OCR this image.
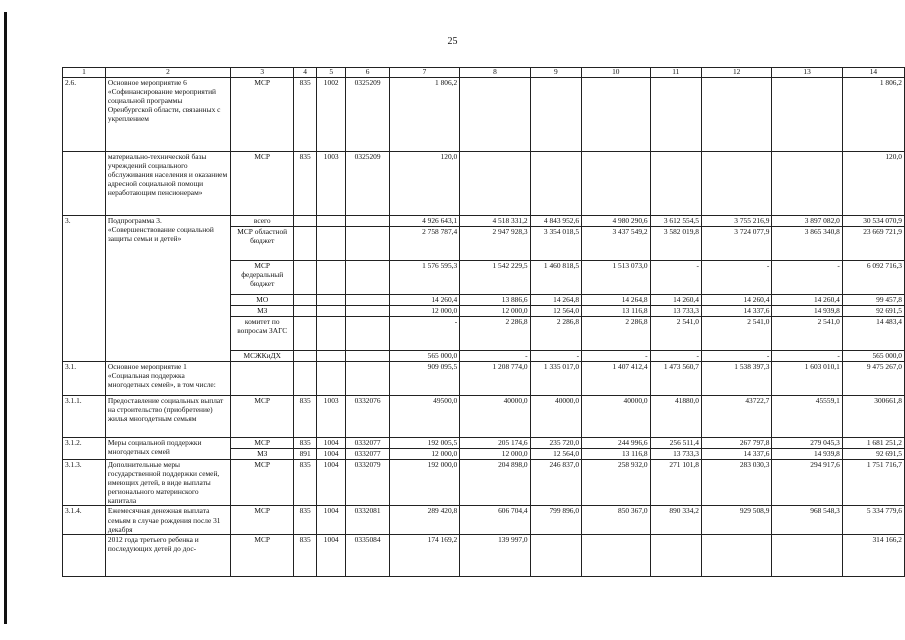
25
1	2	3	4	5	6	7	8	9	10	11	12	13	14
2.6.	Основное мероприятие 6 «Софинансирование мероприятий социальной программы Оренбургской области, связанных с укреплением	МСР	835	1002	0325209	1 806,2							1 806,2
	материально-технической базы учреждений социального обслуживания населения и оказанием адресной социальной помощи неработающим пенсионерам»	МСР	835	1003	0325209	120,0							120,0
3.	Подпрограмма 3. «Совершенствование социальной защиты семьи и детей»	всего				4 926 643,1	4 518 331,2	4 843 952,6	4 980 290,6	3 612 554,5	3 755 216,9	3 897 082,0	30 534 070,9
		МСР областной бюджет				2 758 787,4	2 947 928,3	3 354 018,5	3 437 549,2	3 582 019,8	3 724 077,9	3 865 340,8	23 669 721,9
		МСР федеральный бюджет				1 576 595,3	1 542 229,5	1 460 818,5	1 513 073,0	-	-	-	6 092 716,3
		МО				14 260,4	13 886,6	14 264,8	14 264,8	14 260,4	14 260,4	14 260,4	99 457,8
		МЗ				12 000,0	12 000,0	12 564,0	13 116,8	13 733,3	14 337,6	14 939,8	92 691,5
		комитет по вопросам ЗАГС				-	2 286,8	2 286,8	2 286,8	2 541,0	2 541,0	2 541,0	14 483,4
		МСЖКиДХ				565 000,0	-	-	-	-	-	-	565 000,0
3.1.	Основное мероприятие 1 «Социальная поддержка многодетных семей», в том числе:					909 095,5	1 208 774,0	1 335 017,0	1 407 412,4	1 473 560,7	1 538 397,3	1 603 010,1	9 475 267,0
3.1.1.	Предоставление социальных выплат на строительство (приобретение) жилья многодетным семьям	МСР	835	1003	0332076	49500,0	40000,0	40000,0	40000,0	41880,0	43722,7	45559,1	300661,8
3.1.2.	Меры социальной поддержки многодетных семей	МСР	835	1004	0332077	192 005,5	205 174,6	235 720,0	244 996,6	256 511,4	267 797,8	279 045,3	1 681 251,2
		МЗ	891	1004	0332077	12 000,0	12 000,0	12 564,0	13 116,8	13 733,3	14 337,6	14 939,8	92 691,5
3.1.3.	Дополнительные меры государственной поддержки семей, имеющих детей, в виде выплаты регионального материнского капитала	МСР	835	1004	0332079	192 000,0	204 898,0	246 837,0	258 932,0	271 101,8	283 030,3	294 917,6	1 751 716,7
3.1.4.	Ежемесячная денежная выплата семьям в случае рождения после 31 декабря	МСР	835	1004	0332081	289 420,8	606 704,4	799 896,0	850 367,0	890 334,2	929 508,9	968 548,3	5 334 779,6
	2012 года третьего ребенка и последующих детей до дос-	МСР	835	1004	0335084	174 169,2	139 997,0						314 166,2
